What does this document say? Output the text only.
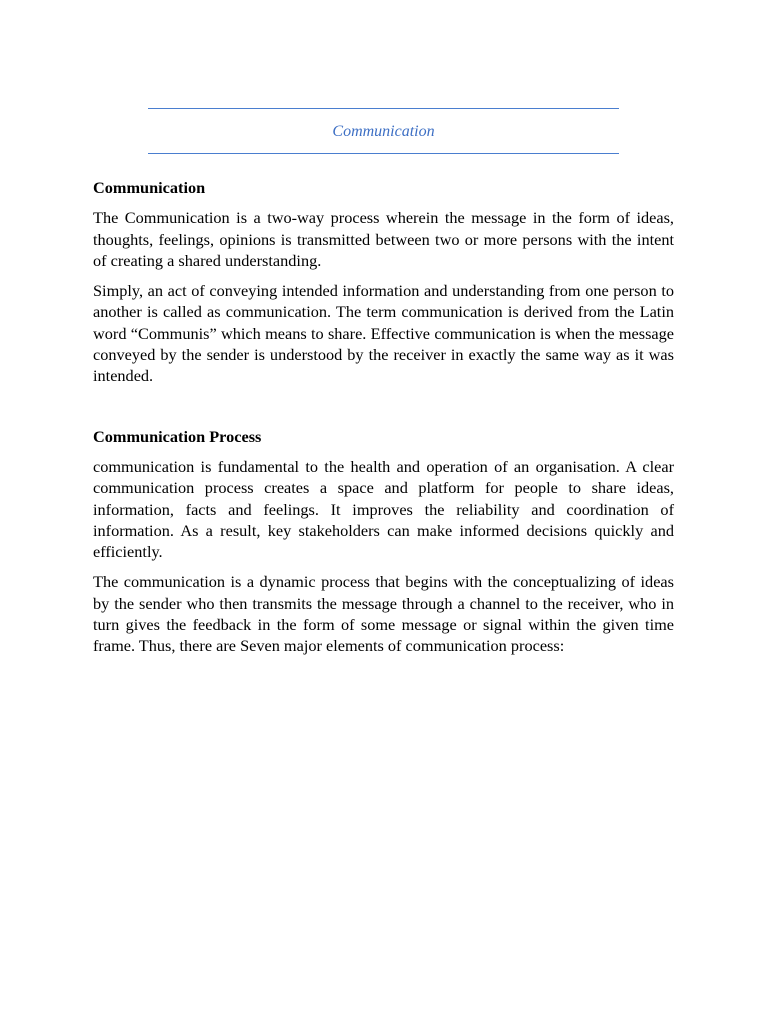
Communication
Communication

The Communication is a two-way process wherein the message in the form of ideas, thoughts, feelings, opinions is transmitted between two or more persons with the intent of creating a shared understanding.

Simply, an act of conveying intended information and understanding from one person to another is called as communication. The term communication is derived from the Latin word “Communis” which means to share. Effective communication is when the message conveyed by the sender is understood by the receiver in exactly the same way as it was intended.

Communication Process

communication is fundamental to the health and operation of an organisation. A clear communication process creates a space and platform for people to share ideas, information, facts and feelings. It improves the reliability and coordination of information. As a result, key stakeholders can make informed decisions quickly and efficiently.

The communication is a dynamic process that begins with the conceptualizing of ideas by the sender who then transmits the message through a channel to the receiver, who in turn gives the feedback in the form of some message or signal within the given time frame. Thus, there are Seven major elements of communication process:
